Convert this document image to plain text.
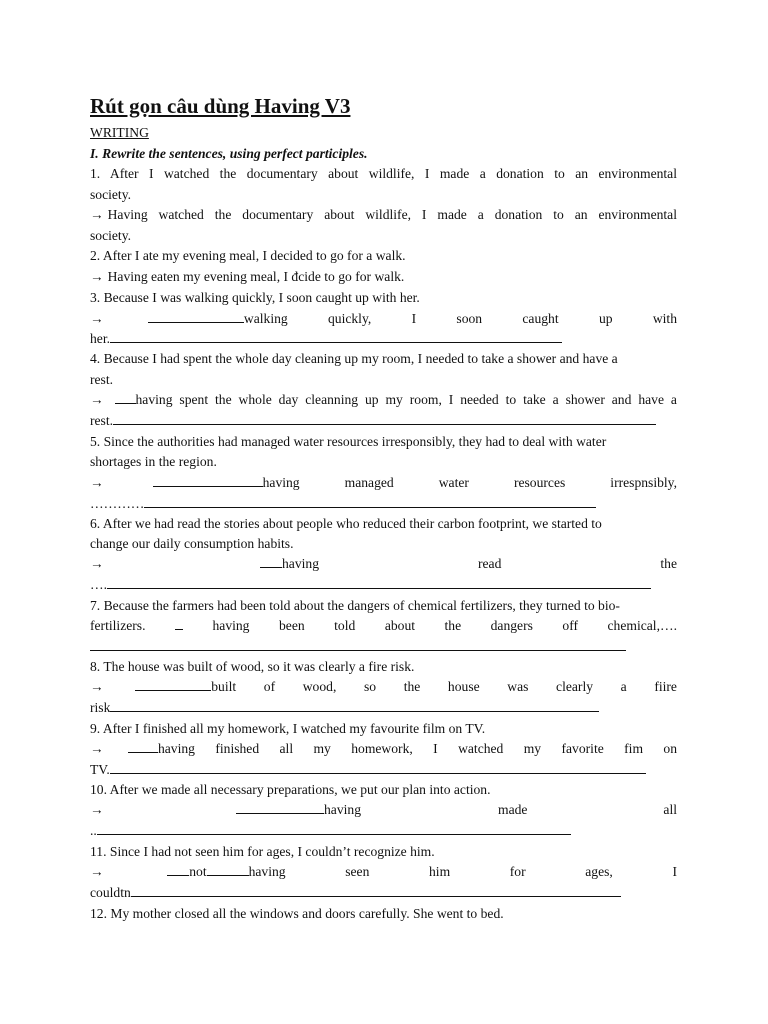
Rút gọn câu dùng Having V3
WRITING
I. Rewrite the sentences, using perfect participles.
1. After I watched the documentary about wildlife, I made a donation to an environmental
society.
→ Having watched the documentary about wildlife, I made a donation to an environmental
society.
2. After I ate my evening meal, I decided to go for a walk.
→ Having eaten my evening meal, I đcide to go for walk.
3. Because I was walking quickly, I soon caught up with her.
→	walking	quickly,	I	soon	caught	up	with
her.
4. Because I had spent the whole day cleaning up my room, I needed to take a shower and have a
rest.
→	having spent the whole day cleanning up my room, I needed to take a shower and have a
rest.
5. Since the authorities had managed water resources irresponsibly, they had to deal with water
shortages in the region.
→	having	managed	water	resources	irrespnsibly,
…………
6. After we had read the stories about people who reduced their carbon footprint, we started to
change our daily consumption habits.
→	having	read	the
….
7. Because the farmers had been told about the dangers of chemical fertilizers, they turned to bio-
fertilizers.	having been told about the dangers off chemical,….
8. The house was built of wood, so it was clearly a fire risk.
→	built of wood, so the house was clearly a fiire
risk
9. After I finished all my homework, I watched my favourite film on TV.
→	having finished all my homework, I watched my favorite fim on
TV.
10. After we made all necessary preparations, we put our plan into action.
→	having	made	all
..
11. Since I had not seen him for ages, I couldn’t recognize him.
→	not	having	seen	him	for	ages,	I
couldtn
12. My mother closed all the windows and doors carefully. She went to bed.
